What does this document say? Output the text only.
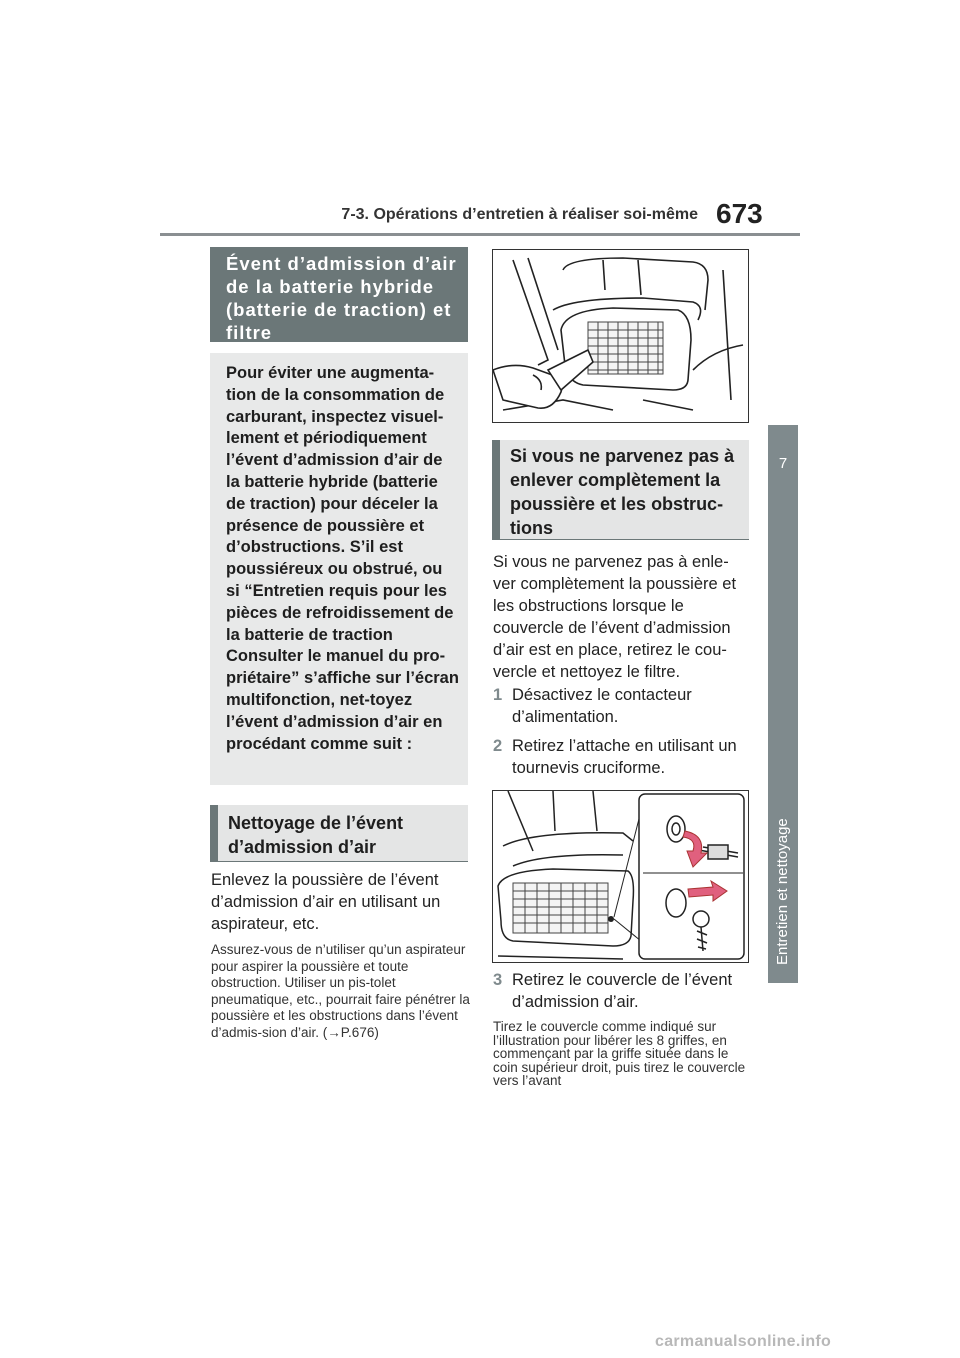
7-3. Opérations d’entretien à réaliser soi-même 673
7
Entretien et nettoyage
Évent d’admission d’air de la batterie hybride (batterie de traction) et filtre
Pour éviter une augmenta-tion de la consommation de carburant, inspectez visuel-lement et périodiquement l’évent d’admission d’air de la batterie hybride (batterie de traction) pour déceler la présence de poussière et d’obstructions. S’il est poussiéreux ou obstrué, ou si “Entretien requis pour les pièces de refroidissement de la batterie de traction Consulter le manuel du pro-priétaire” s’affiche sur l’écran multifonction, net-toyez l’évent d’admission d’air en procédant comme suit :
Nettoyage de l’évent d’admission d’air
Enlevez la poussière de l’évent d’admission d’air en utilisant un aspirateur, etc.
Assurez-vous de n’utiliser qu’un aspirateur pour aspirer la poussière et toute obstruction. Utiliser un pis-tolet pneumatique, etc., pourrait faire pénétrer la poussière et les obstructions dans l’évent d’admis-sion d’air. (→P.676)
Si vous ne parvenez pas à enlever complètement la poussière et les obstruc-tions
Si vous ne parvenez pas à enle-ver complètement la poussière et les obstructions lorsque le couvercle de l’évent d’admission d’air est en place, retirez le cou-vercle et nettoyez le filtre.
1 Désactivez le contacteur d’alimentation.
2 Retirez l’attache en utilisant un tournevis cruciforme.
3 Retirez le couvercle de l’évent d’admission d’air.
Tirez le couvercle comme indiqué sur l’illustration pour libérer les 8 griffes, en commençant par la griffe située dans le coin supérieur droit, puis tirez le couvercle vers l’avant
carmanualsonline.info
